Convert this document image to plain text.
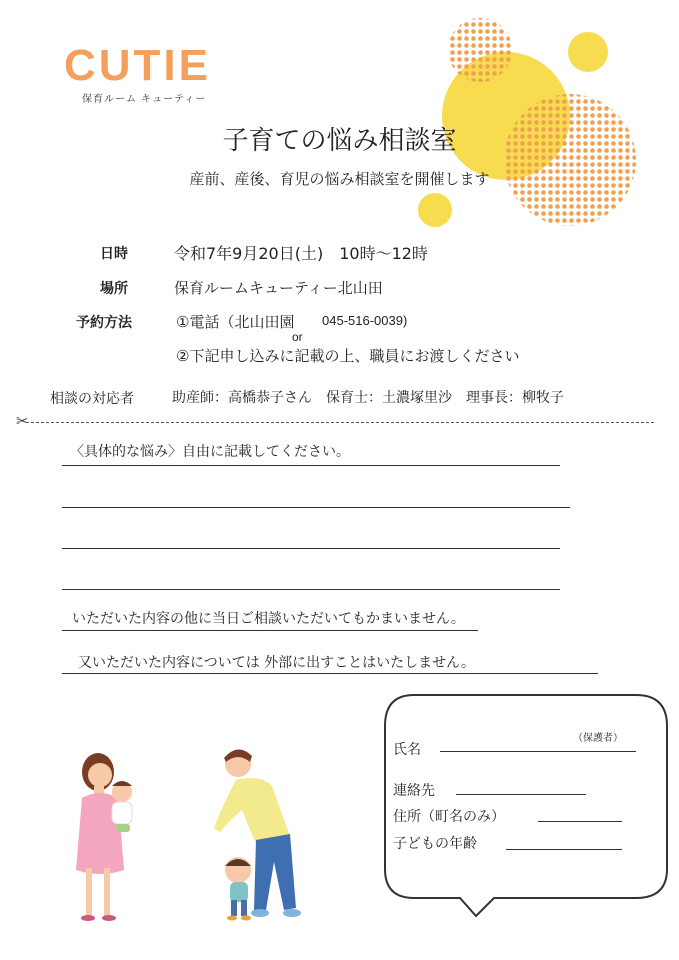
CUTIE
保育ルーム キューティー
子育ての悩み相談室
産前、産後、育児の悩み相談室を開催します
日時	令和7年9月20日(土)　10時〜12時
場所	保育ルームキューティー北山田
予約方法	①電話（北山田園 045-516-0039)
or
②下記申し込みに記載の上、職員にお渡しください
相談の対応者	助産師：高橋恭子さん　保育士：土濃塚里沙　理事長：柳牧子
✂
〈具体的な悩み〉自由に記載してください。
いただいた内容の他に当日ご相談いただいてもかまいません。
又いただいた内容については 外部に出すことはいたしません。
氏名
（保護者）
連絡先
住所（町名のみ）
子どもの年齢
